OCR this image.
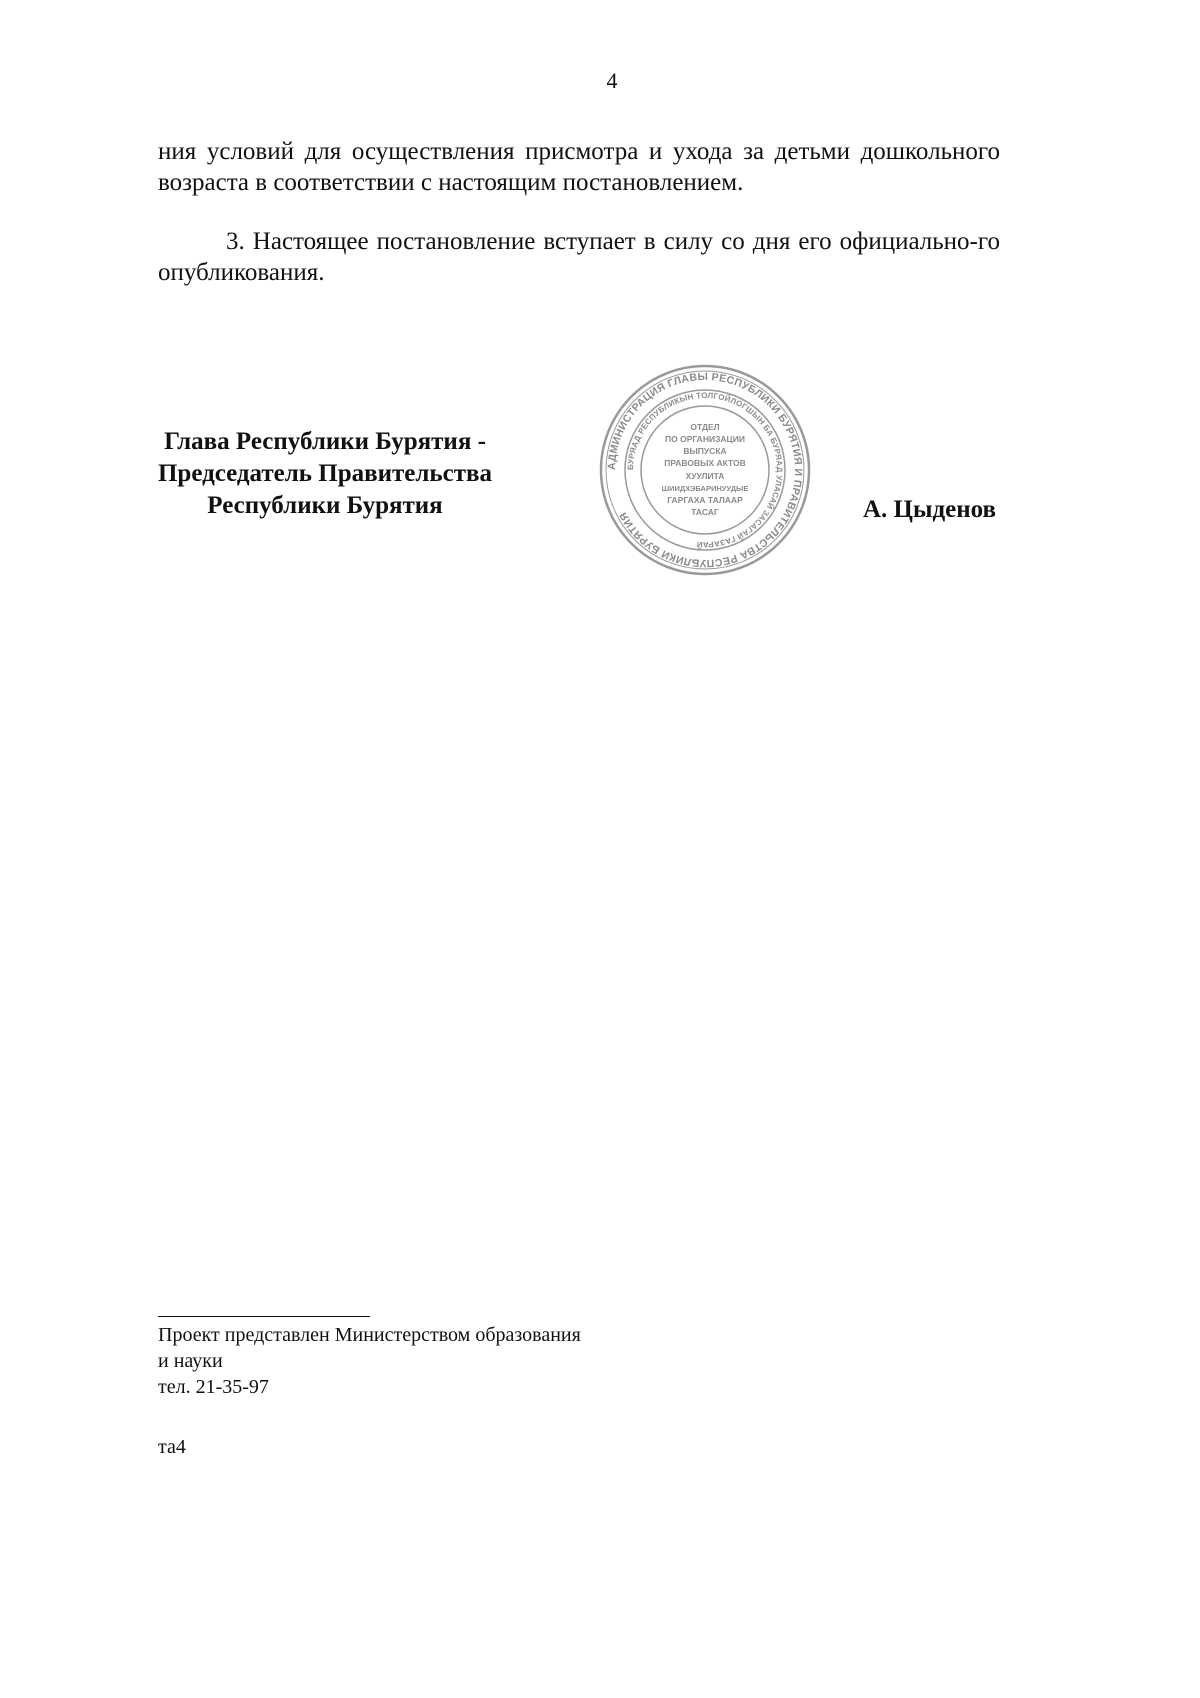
4
ния условий для осуществления присмотра и ухода за детьми дошкольного возраста в соответствии с настоящим постановлением.
3. Настоящее постановление вступает в силу со дня его официально-го опубликования.
Глава Республики Бурятия -
Председатель Правительства
Республики Бурятия
АДМИНИСТРАЦИЯ ГЛАВЫ РЕСПУБЛИКИ БУРЯТИЯ И ПРАВИТЕЛЬСТВА РЕСПУБЛИКИ БУРЯТИЯ
БУРЯАД РЕСПУБЛИКЫН ТОЛГОЙЛОГШЫН БА БУРЯАД УЛАСАЙ ЗАСАГАЙ ГАЗАРАЙ
ОТДЕЛ
ПО ОРГАНИЗАЦИИ
ВЫПУСКА
ПРАВОВЫХ АКТОВ
ХУУЛИТА
ШИИДХЭБАРИНУУДЫЕ
ГАРГАХА ТАЛААР
ТАСАГ	А. Цыденов
Проект представлен Министерством образования
и науки
тел. 21-35-97
та4
